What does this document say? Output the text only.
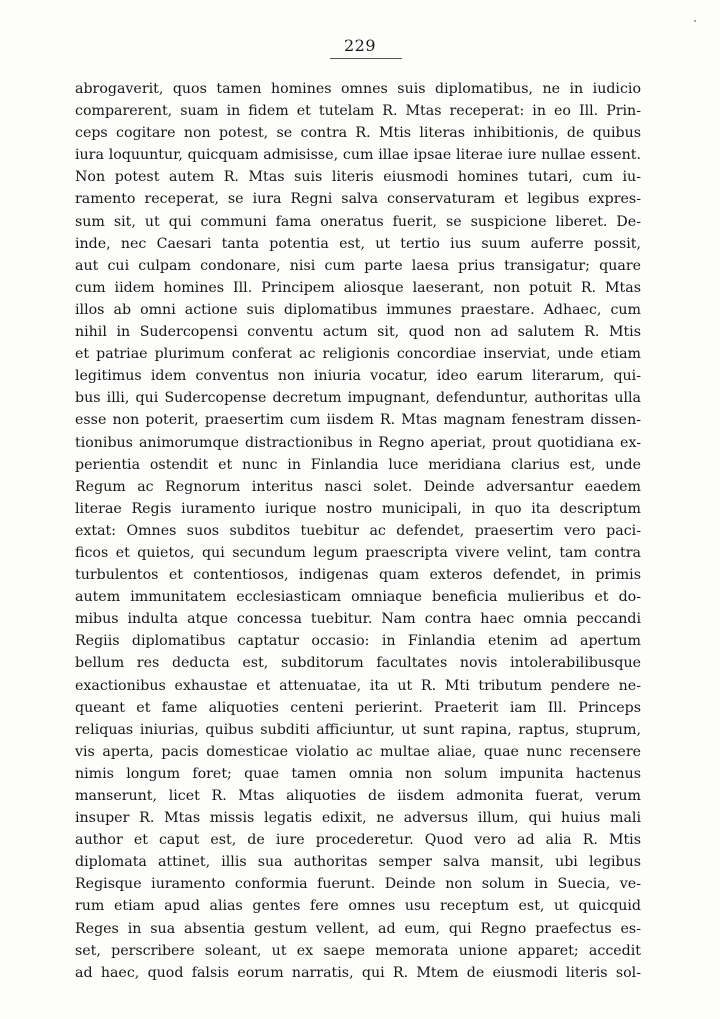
229
abrogaverit, quos tamen homines omnes suis diplomatibus, ne in iudicio
comparerent, suam in fidem et tutelam R. Mtas receperat: in eo Ill. Prin-
ceps cogitare non potest, se contra R. Mtis literas inhibitionis, de quibus
iura loquuntur, quicquam admisisse, cum illae ipsae literae iure nullae essent.
Non potest autem R. Mtas suis literis eiusmodi homines tutari, cum iu-
ramento receperat, se iura Regni salva conservaturam et legibus expres-
sum sit, ut qui communi fama oneratus fuerit, se suspicione liberet. De-
inde, nec Caesari tanta potentia est, ut tertio ius suum auferre possit,
aut cui culpam condonare, nisi cum parte laesa prius transigatur; quare
cum iidem homines Ill. Principem aliosque laeserant, non potuit R. Mtas
illos ab omni actione suis diplomatibus immunes praestare. Adhaec, cum
nihil in Sudercopensi conventu actum sit, quod non ad salutem R. Mtis
et patriae plurimum conferat ac religionis concordiae inserviat, unde etiam
legitimus idem conventus non iniuria vocatur, ideo earum literarum, qui-
bus illi, qui Sudercopense decretum impugnant, defenduntur, authoritas ulla
esse non poterit, praesertim cum iisdem R. Mtas magnam fenestram dissen-
tionibus animorumque distractionibus in Regno aperiat, prout quotidiana ex-
perientia ostendit et nunc in Finlandia luce meridiana clarius est, unde
Regum ac Regnorum interitus nasci solet. Deinde adversantur eaedem
literae Regis iuramento iurique nostro municipali, in quo ita descriptum
extat: Omnes suos subditos tuebitur ac defendet, praesertim vero paci-
ficos et quietos, qui secundum legum praescripta vivere velint, tam contra
turbulentos et contentiosos, indigenas quam exteros defendet, in primis
autem immunitatem ecclesiasticam omniaque beneficia mulieribus et do-
mibus indulta atque concessa tuebitur. Nam contra haec omnia peccandi
Regiis diplomatibus captatur occasio: in Finlandia etenim ad apertum
bellum res deducta est, subditorum facultates novis intolerabilibusque
exactionibus exhaustae et attenuatae, ita ut R. Mti tributum pendere ne-
queant et fame aliquoties centeni perierint. Praeterit iam Ill. Princeps
reliquas iniurias, quibus subditi afficiuntur, ut sunt rapina, raptus, stuprum,
vis aperta, pacis domesticae violatio ac multae aliae, quae nunc recensere
nimis longum foret; quae tamen omnia non solum impunita hactenus
manserunt, licet R. Mtas aliquoties de iisdem admonita fuerat, verum
insuper R. Mtas missis legatis edixit, ne adversus illum, qui huius mali
author et caput est, de iure procederetur. Quod vero ad alia R. Mtis
diplomata attinet, illis sua authoritas semper salva mansit, ubi legibus
Regisque iuramento conformia fuerunt. Deinde non solum in Suecia, ve-
rum etiam apud alias gentes fere omnes usu receptum est, ut quicquid
Reges in sua absentia gestum vellent, ad eum, qui Regno praefectus es-
set, perscribere soleant, ut ex saepe memorata unione apparet; accedit
ad haec, quod falsis eorum narratis, qui R. Mtem de eiusmodi literis sol-
